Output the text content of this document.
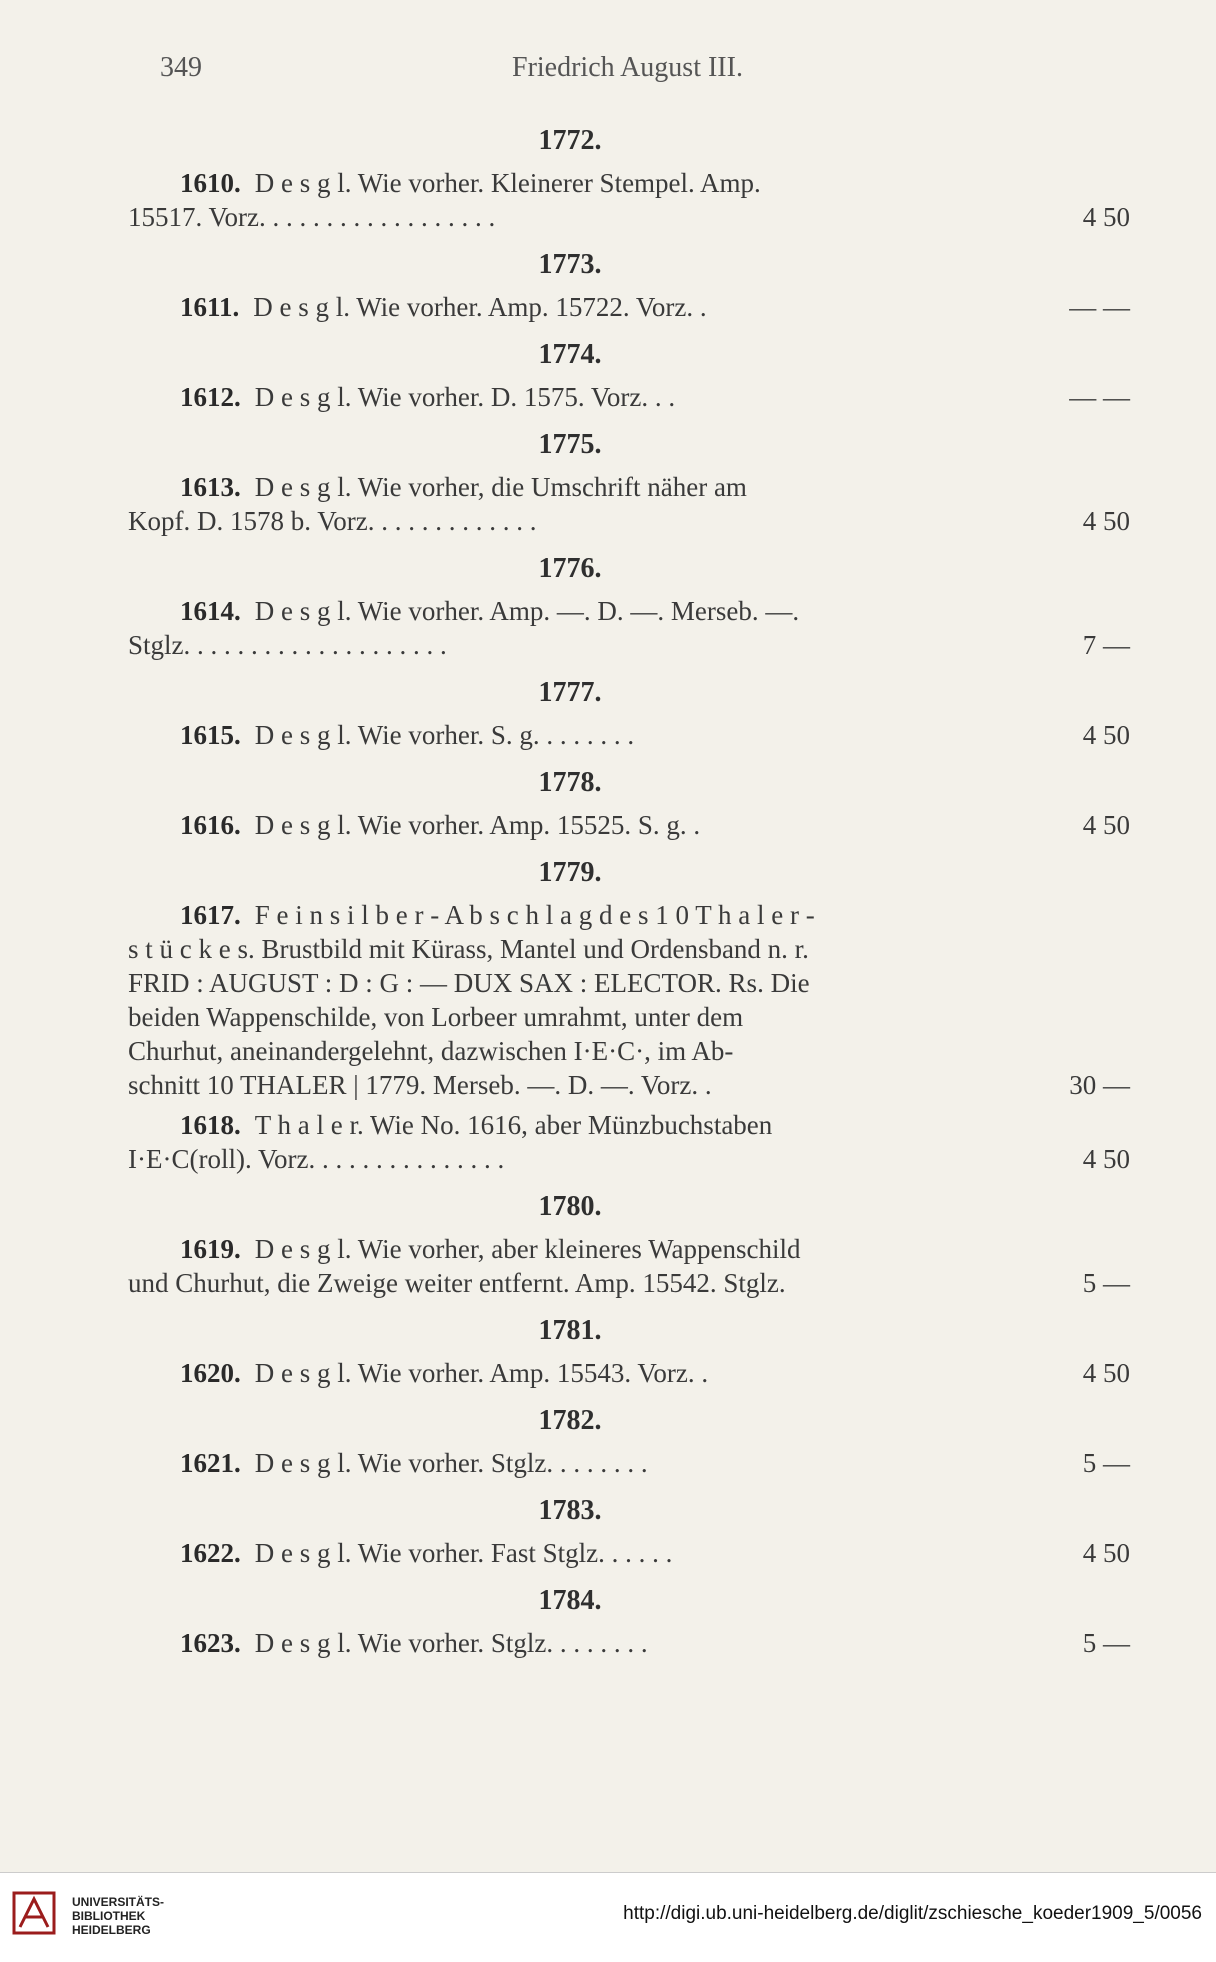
349	Friedrich August III.
1772.
1610. D e s g l. Wie vorher. Kleinerer Stempel. Amp.
15517. Vorz. . . . . . . . . . . . . . . . . .	4 50
1773.
1611. D e s g l. Wie vorher. Amp. 15722. Vorz. .	— —
1774.
1612. D e s g l. Wie vorher. D. 1575. Vorz. . .	— —
1775.
1613. D e s g l. Wie vorher, die Umschrift näher am
Kopf. D. 1578 b. Vorz. . . . . . . . . . . . .	4 50
1776.
1614. D e s g l. Wie vorher. Amp. —. D. —. Merseb. —.
Stglz. . . . . . . . . . . . . . . . . . . .	7 —
1777.
1615. D e s g l. Wie vorher. S. g. . . . . . . .	4 50
1778.
1616. D e s g l. Wie vorher. Amp. 15525. S. g. .	4 50
1779.
1617. F e i n s i l b e r - A b s c h l a g d e s 1 0 T h a l e r -
s t ü c k e s. Brustbild mit Kürass, Mantel und Ordensband n. r.
FRID : AUGUST : D : G : — DUX SAX : ELECTOR. Rs. Die
beiden Wappenschilde, von Lorbeer umrahmt, unter dem
Churhut, aneinandergelehnt, dazwischen I·E·C·, im Ab-
schnitt 10 THALER | 1779. Merseb. —. D. —. Vorz. .	30 —
1618. T h a l e r. Wie No. 1616, aber Münzbuchstaben
I·E·C(roll). Vorz. . . . . . . . . . . . . . .	4 50
1780.
1619. D e s g l. Wie vorher, aber kleineres Wappenschild
und Churhut, die Zweige weiter entfernt. Amp. 15542. Stglz.	5 —
1781.
1620. D e s g l. Wie vorher. Amp. 15543. Vorz. .	4 50
1782.
1621. D e s g l. Wie vorher. Stglz. . . . . . . .	5 —
1783.
1622. D e s g l. Wie vorher. Fast Stglz. . . . . .	4 50
1784.
1623. D e s g l. Wie vorher. Stglz. . . . . . . .	5 —
UNIVERSITÄTS-
BIBLIOTHEK
HEIDELBERG
http://digi.ub.uni-heidelberg.de/diglit/zschiesche_koeder1909_5/0056
